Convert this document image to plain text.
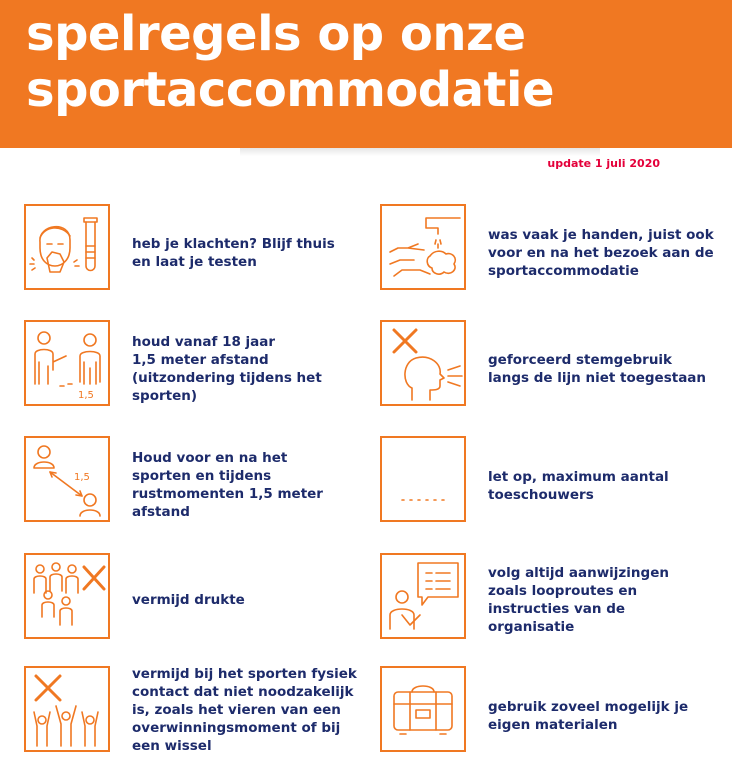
spelregels op onze
sportaccommodatie
update 1 juli 2020
heb je klachten? Blijf thuis
en laat je testen
1,5
houd vanaf 18 jaar
1,5 meter afstand
(uitzondering tijdens het
sporten)
1,5
Houd voor en na het
sporten en tijdens
rustmomenten 1,5 meter
afstand
vermijd drukte
vermijd bij het sporten fysiek
contact dat niet noodzakelijk
is, zoals het vieren van een
overwinningsmoment of bij
een wissel
was vaak je handen, juist ook
voor en na het bezoek aan de
sportaccommodatie
geforceerd stemgebruik
langs de lijn niet toegestaan
let op, maximum aantal
toeschouwers
volg altijd aanwijzingen
zoals looproutes en
instructies van de
organisatie
gebruik zoveel mogelijk je
eigen materialen
